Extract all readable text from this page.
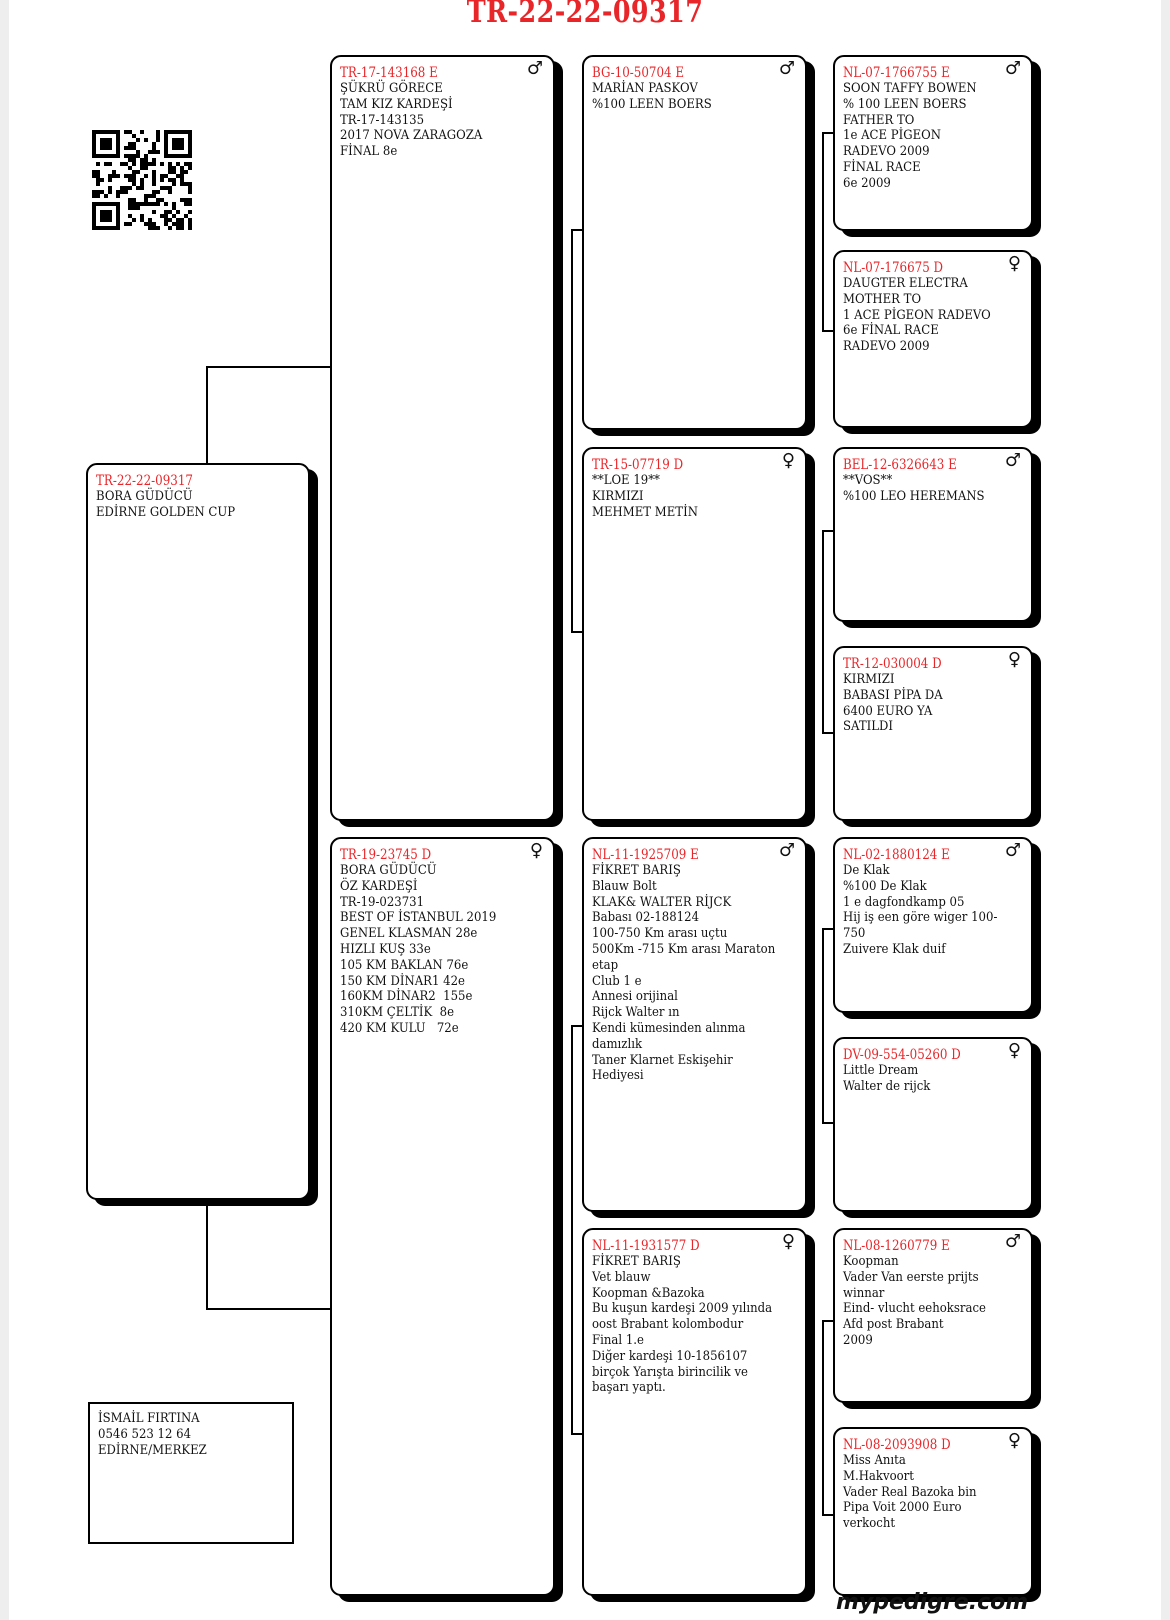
TR-22-22-09317
TR-22-22-09317
BORA GÜDÜCÜ
EDİRNE GOLDEN CUP
♂
TR-17-143168 E
ŞÜKRÜ GÖRECE
TAM KIZ KARDEŞİ
TR-17-143135
2017 NOVA ZARAGOZA
FİNAL 8e
♀
TR-19-23745 D
BORA GÜDÜCÜ
ÖZ KARDEŞİ
TR-19-023731
BEST OF İSTANBUL 2019
GENEL KLASMAN 28e
HIZLI KUŞ 33e
105 KM BAKLAN 76e
150 KM DİNAR1 42e
160KM DİNAR2  155e
310KM ÇELTİK  8e
420 KM KULU   72e
♂
BG-10-50704 E
MARİAN PASKOV
%100 LEEN BOERS
♀
TR-15-07719 D
**LOE 19**
KIRMIZI
MEHMET METİN
♂
NL-11-1925709 E
FİKRET BARIŞ
Blauw Bolt
KLAK& WALTER RİJCK
Babası 02-188124
100-750 Km arası uçtu
500Km -715 Km arası Maraton etap
Club 1 e
Annesi orijinal
Rijck Walter ın
Kendi kümesinden alınma damızlık
Taner Klarnet Eskişehir
Hediyesi
♀
NL-11-1931577 D
FİKRET BARIŞ
Vet blauw
Koopman &Bazoka
Bu kuşun kardeşi 2009 yılında oost Brabant kolombodur
Final 1.e
Diğer kardeşi 10-1856107 birçok Yarışta birincilik ve başarı yaptı.
♂
NL-07-1766755 E
SOON TAFFY BOWEN
% 100 LEEN BOERS
FATHER TO
1e ACE PİGEON
RADEVO 2009
FİNAL RACE
6e 2009
♀
NL-07-176675 D
DAUGTER ELECTRA
MOTHER TO
1 ACE PİGEON RADEVO
6e FİNAL RACE
RADEVO 2009
♂
BEL-12-6326643 E
**VOS**
%100 LEO HEREMANS
♀
TR-12-030004 D
KIRMIZI
BABASI PİPA DA
6400 EURO YA
SATILDI
♂
NL-02-1880124 E
De Klak
%100 De Klak
1 e dagfondkamp 05
Hij iş een göre wiger 100-750
Zuivere Klak duif
♀
DV-09-554-05260 D
Little Dream
Walter de rijck
♂
NL-08-1260779 E
Koopman
Vader Van eerste prijts winnar
Eind- vlucht eehoksrace Afd post Brabant
2009
♀
NL-08-2093908 D
Miss Anıta
M.Hakvoort
Vader Real Bazoka bin
Pipa Voit 2000 Euro
verkocht
İSMAİL FIRTINA
0546 523 12 64
EDİRNE/MERKEZ
mypedigre.com
